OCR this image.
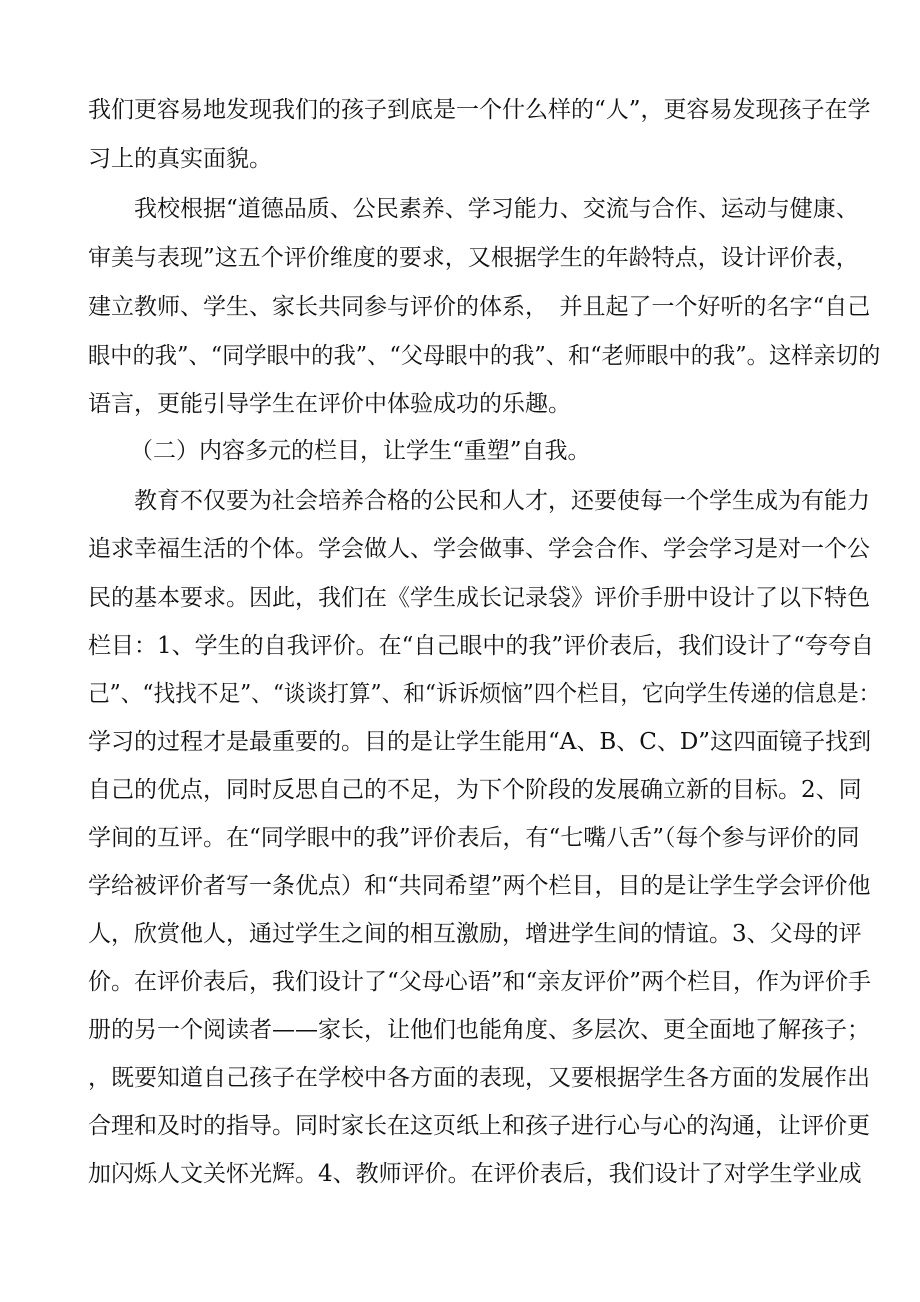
我们更容易地发现我们的孩子到底是一个什么样的“人”，更容易发现孩子在学
习上的真实面貌。
我校根据“道德品质、公民素养、学习能力、交流与合作、运动与健康、
审美与表现”这五个评价维度的要求，又根据学生的年龄特点，设计评价表，
建立教师、学生、家长共同参与评价的体系，　并且起了一个好听的名字“自己
眼中的我”、“同学眼中的我”、“父母眼中的我”、和“老师眼中的我”。这样亲切的
语言，更能引导学生在评价中体验成功的乐趣。
（二）内容多元的栏目，让学生“重塑”自我。
教育不仅要为社会培养合格的公民和人才，还要使每一个学生成为有能力
追求幸福生活的个体。学会做人、学会做事、学会合作、学会学习是对一个公
民的基本要求。因此，我们在《学生成长记录袋》评价手册中设计了以下特色
栏目：1、学生的自我评价。在“自己眼中的我”评价表后，我们设计了“夸夸自
己”、“找找不足”、“谈谈打算”、和“诉诉烦恼”四个栏目，它向学生传递的信息是：
学习的过程才是最重要的。目的是让学生能用“A、B、C、D”这四面镜子找到
自己的优点，同时反思自己的不足，为下个阶段的发展确立新的目标。2、同
学间的互评。在“同学眼中的我”评价表后，有“七嘴八舌”（每个参与评价的同
学给被评价者写一条优点）和“共同希望”两个栏目，目的是让学生学会评价他
人，欣赏他人，通过学生之间的相互激励，增进学生间的情谊。3、父母的评
价。在评价表后，我们设计了“父母心语”和“亲友评价”两个栏目，作为评价手
册的另一个阅读者——家长，让他们也能角度、多层次、更全面地了解孩子；
，既要知道自己孩子在学校中各方面的表现，又要根据学生各方面的发展作出
合理和及时的指导。同时家长在这页纸上和孩子进行心与心的沟通，让评价更
加闪烁人文关怀光辉。4、教师评价。在评价表后，我们设计了对学生学业成
